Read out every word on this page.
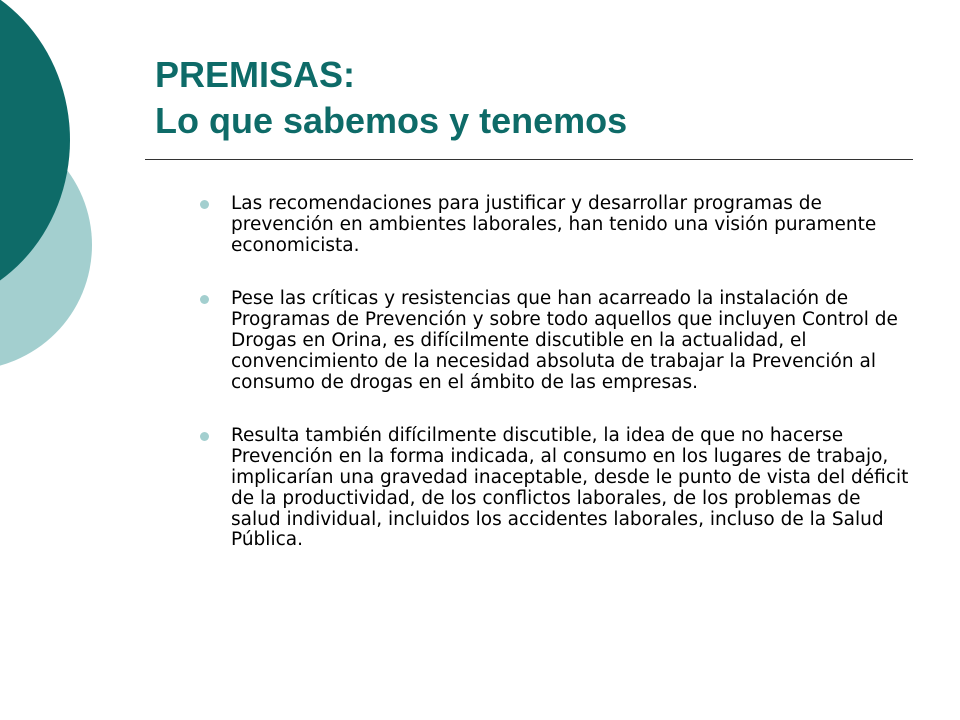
PREMISAS:
Lo que sabemos y tenemos
Las recomendaciones para justificar y desarrollar programas de prevención en ambientes laborales, han tenido una visión puramente economicista.
Pese las críticas y resistencias que han acarreado la instalación de Programas de Prevención y sobre todo aquellos que incluyen Control de Drogas en Orina, es difícilmente discutible en la actualidad, el convencimiento de la necesidad absoluta de trabajar la Prevención al consumo de drogas en el ámbito de las empresas.
Resulta también difícilmente discutible, la idea de que no hacerse Prevención en la forma indicada, al consumo en los lugares de trabajo, implicarían una gravedad inaceptable, desde le punto de vista del déficit de la productividad, de los conflictos laborales, de los problemas de salud individual, incluidos los accidentes laborales, incluso de la Salud Pública.
